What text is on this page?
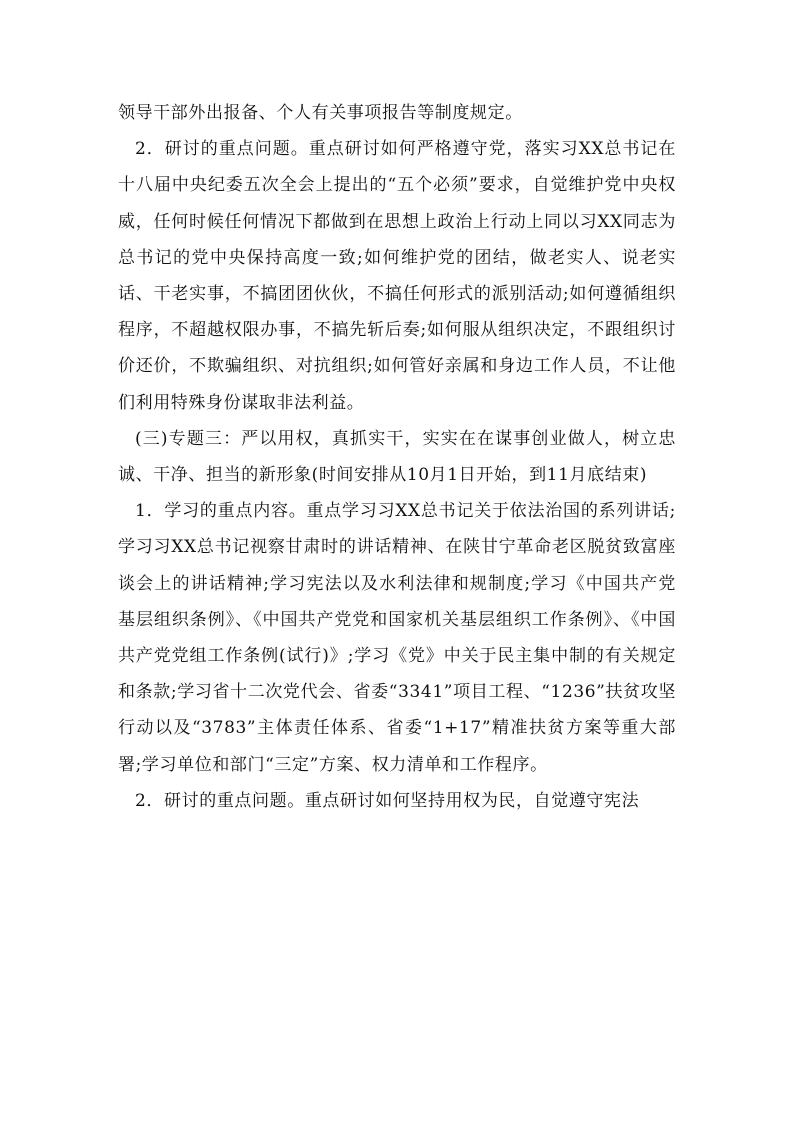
领导干部外出报备、个人有关事项报告等制度规定。

2．研讨的重点问题。重点研讨如何严格遵守党，落实习XX总书记在十八届中央纪委五次全会上提出的“五个必须”要求，自觉维护党中央权威，任何时候任何情况下都做到在思想上政治上行动上同以习XX同志为总书记的党中央保持高度一致;如何维护党的团结，做老实人、说老实话、干老实事，不搞团团伙伙，不搞任何形式的派别活动;如何遵循组织程序，不超越权限办事，不搞先斩后奏;如何服从组织决定，不跟组织讨价还价，不欺骗组织、对抗组织;如何管好亲属和身边工作人员，不让他们利用特殊身份谋取非法利益。

(三)专题三：严以用权，真抓实干，实实在在谋事创业做人，树立忠诚、干净、担当的新形象(时间安排从10月1日开始，到11月底结束)

1．学习的重点内容。重点学习习XX总书记关于依法治国的系列讲话;学习习XX总书记视察甘肃时的讲话精神、在陕甘宁革命老区脱贫致富座谈会上的讲话精神;学习宪法以及水利法律和规制度;学习《中国共产党基层组织条例》、《中国共产党党和国家机关基层组织工作条例》、《中国共产党党组工作条例(试行)》;学习《党》中关于民主集中制的有关规定和条款;学习省十二次党代会、省委“3341”项目工程、“1236”扶贫攻坚行动以及“3783”主体责任体系、省委“1+17”精准扶贫方案等重大部署;学习单位和部门“三定”方案、权力清单和工作程序。

2．研讨的重点问题。重点研讨如何坚持用权为民，自觉遵守宪法
